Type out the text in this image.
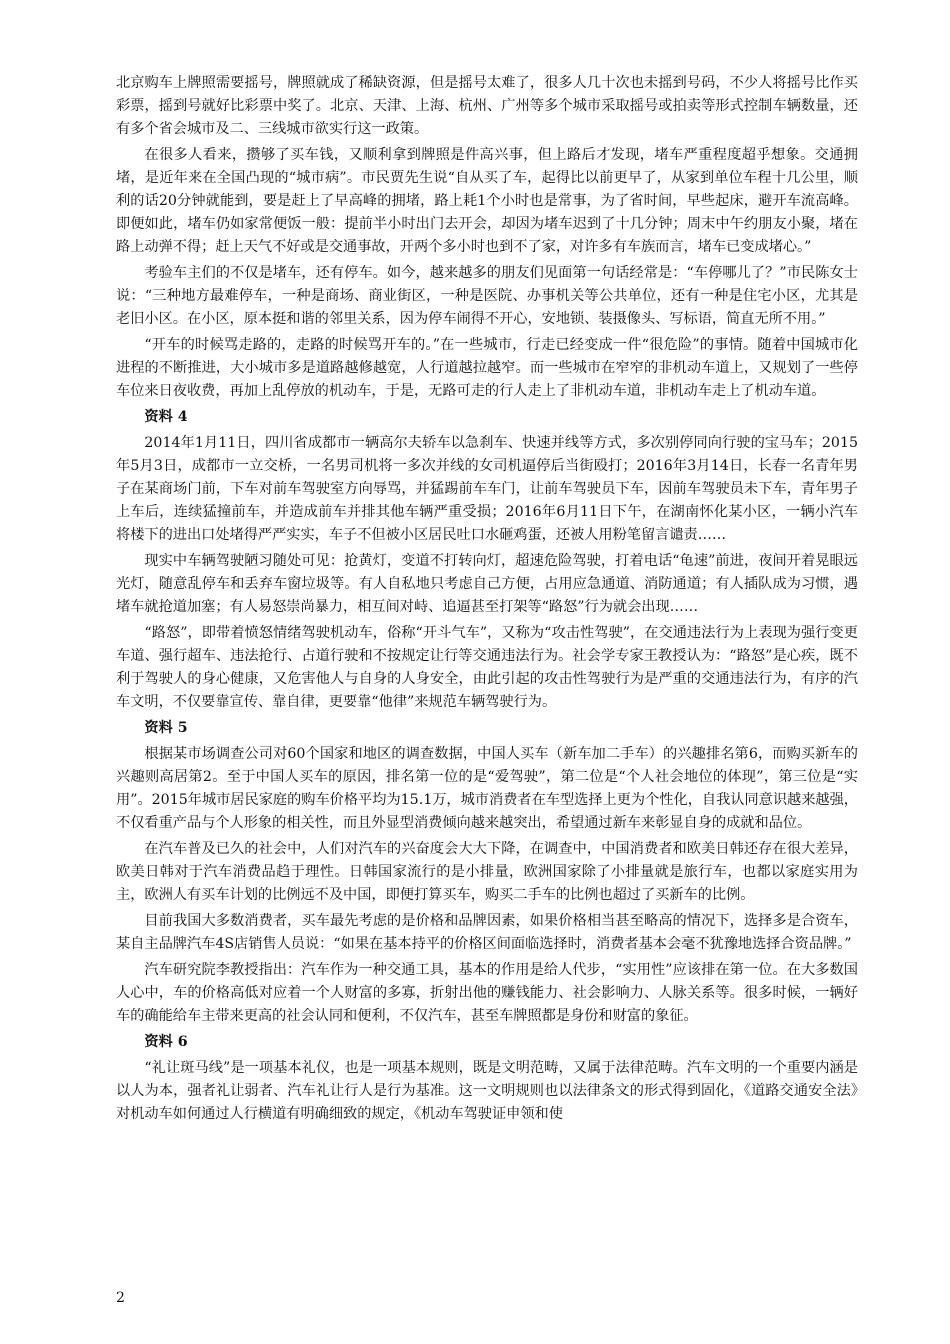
北京购车上牌照需要摇号，牌照就成了稀缺资源，但是摇号太难了，很多人几十次也未摇到号码，不少人将摇号比作买彩票，摇到号就好比彩票中奖了。北京、天津、上海、杭州、广州等多个城市采取摇号或拍卖等形式控制车辆数量，还有多个省会城市及二、三线城市欲实行这一政策。

在很多人看来，攒够了买车钱，又顺利拿到牌照是件高兴事，但上路后才发现，堵车严重程度超乎想象。交通拥堵，是近年来在全国凸现的“城市病”。市民贾先生说“自从买了车，起得比以前更早了，从家到单位车程十几公里，顺利的话20分钟就能到，要是赶上了早高峰的拥堵，路上耗1个小时也是常事，为了省时间，早些起床，避开车流高峰。即便如此，堵车仍如家常便饭一般：提前半小时出门去开会，却因为堵车迟到了十几分钟；周末中午约朋友小聚，堵在路上动弹不得；赶上天气不好或是交通事故，开两个多小时也到不了家，对许多有车族而言，堵车已变成堵心。”

考验车主们的不仅是堵车，还有停车。如今，越来越多的朋友们见面第一句话经常是：“车停哪儿了？”市民陈女士说：“三种地方最难停车，一种是商场、商业街区，一种是医院、办事机关等公共单位，还有一种是住宅小区，尤其是老旧小区。在小区，原本挺和谐的邻里关系，因为停车闹得不开心，安地锁、装摄像头、写标语，简直无所不用。”

“开车的时候骂走路的，走路的时候骂开车的。”在一些城市，行走已经变成一件“很危险”的事情。随着中国城市化进程的不断推进，大小城市多是道路越修越宽，人行道越拉越窄。而一些城市在窄窄的非机动车道上，又规划了一些停车位来日夜收费，再加上乱停放的机动车，于是，无路可走的行人走上了非机动车道，非机动车走上了机动车道。

资料 4

2014年1月11日，四川省成都市一辆高尔夫轿车以急刹车、快速并线等方式，多次别停同向行驶的宝马车；2015年5月3日，成都市一立交桥，一名男司机将一多次并线的女司机逼停后当街殴打；2016年3月14日，长春一名青年男子在某商场门前，下车对前车驾驶室方向辱骂，并猛踢前车车门，让前车驾驶员下车，因前车驾驶员未下车，青年男子上车后，连续猛撞前车，并造成前车并排其他车辆严重受损；2016年6月11日下午，在湖南怀化某小区，一辆小汽车将楼下的进出口处堵得严严实实，车子不但被小区居民吐口水砸鸡蛋，还被人用粉笔留言谴责……

现实中车辆驾驶陋习随处可见：抢黄灯，变道不打转向灯，超速危险驾驶，打着电话“龟速”前进，夜间开着晃眼远光灯，随意乱停车和丢弃车窗垃圾等。有人自私地只考虑自己方便，占用应急通道、消防通道；有人插队成为习惯，遇堵车就抢道加塞；有人易怒崇尚暴力，相互间对峙、追逼甚至打架等“路怒”行为就会出现……

“路怒”，即带着愤怒情绪驾驶机动车，俗称“开斗气车”，又称为“攻击性驾驶”，在交通违法行为上表现为强行变更车道、强行超车、违法抢行、占道行驶和不按规定让行等交通违法行为。社会学专家王教授认为：“路怒”是心疾，既不利于驾驶人的身心健康，又危害他人与自身的人身安全，由此引起的攻击性驾驶行为是严重的交通违法行为，有序的汽车文明，不仅要靠宣传、靠自律，更要靠“他律”来规范车辆驾驶行为。

资料 5

根据某市场调查公司对60个国家和地区的调查数据，中国人买车（新车加二手车）的兴趣排名第6，而购买新车的兴趣则高居第2。至于中国人买车的原因，排名第一位的是“爱驾驶”，第二位是“个人社会地位的体现”，第三位是“实用”。2015年城市居民家庭的购车价格平均为15.1万，城市消费者在车型选择上更为个性化，自我认同意识越来越强，不仅看重产品与个人形象的相关性，而且外显型消费倾向越来越突出，希望通过新车来彰显自身的成就和品位。

在汽车普及已久的社会中，人们对汽车的兴奋度会大大下降，在调查中，中国消费者和欧美日韩还存在很大差异，欧美日韩对于汽车消费品趋于理性。日韩国家流行的是小排量，欧洲国家除了小排量就是旅行车，也都以家庭实用为主，欧洲人有买车计划的比例远不及中国，即便打算买车，购买二手车的比例也超过了买新车的比例。

目前我国大多数消费者，买车最先考虑的是价格和品牌因素，如果价格相当甚至略高的情况下，选择多是合资车，某自主品牌汽车4S店销售人员说：“如果在基本持平的价格区间面临选择时，消费者基本会毫不犹豫地选择合资品牌。”

汽车研究院李教授指出：汽车作为一种交通工具，基本的作用是给人代步，“实用性”应该排在第一位。在大多数国人心中，车的价格高低对应着一个人财富的多寡，折射出他的赚钱能力、社会影响力、人脉关系等。很多时候，一辆好车的确能给车主带来更高的社会认同和便利，不仅汽车，甚至车牌照都是身份和财富的象征。

资料 6

“礼让斑马线”是一项基本礼仪，也是一项基本规则，既是文明范畴，又属于法律范畴。汽车文明的一个重要内涵是以人为本，强者礼让弱者、汽车礼让行人是行为基准。这一文明规则也以法律条文的形式得到固化，《道路交通安全法》对机动车如何通过人行横道有明确细致的规定，《机动车驾驶证申领和使

2
